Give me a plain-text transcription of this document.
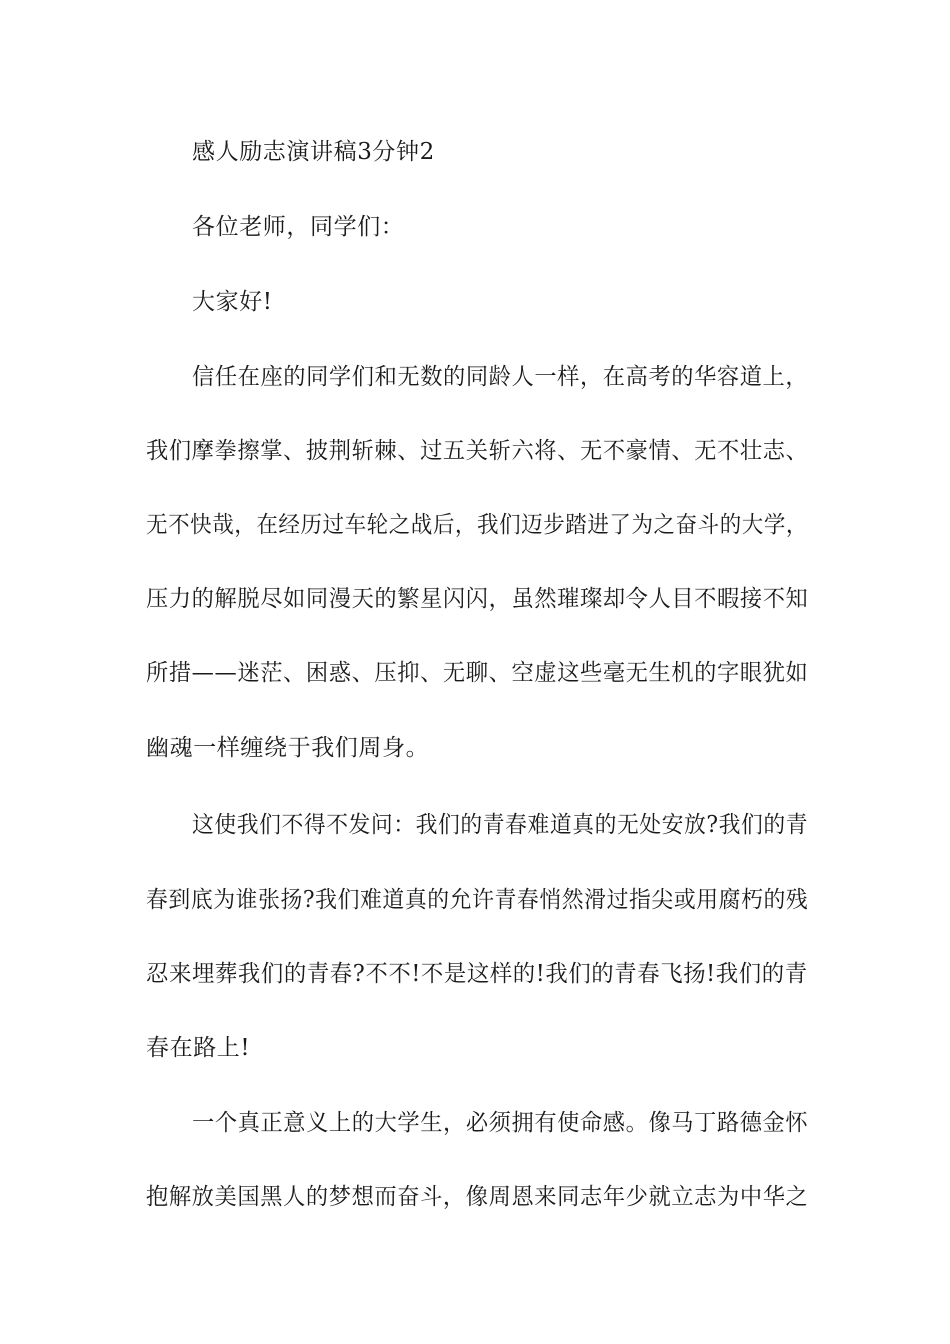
感人励志演讲稿3分钟2
各位老师，同学们：
大家好!
信任在座的同学们和无数的同龄人一样，在高考的华容道上，
我们摩拳擦掌、披荆斩棘、过五关斩六将、无不豪情、无不壮志、
无不快哉，在经历过车轮之战后，我们迈步踏进了为之奋斗的大学，
压力的解脱尽如同漫天的繁星闪闪，虽然璀璨却令人目不暇接不知
所措——迷茫、困惑、压抑、无聊、空虚这些毫无生机的字眼犹如
幽魂一样缠绕于我们周身。
这使我们不得不发问：我们的青春难道真的无处安放?我们的青
春到底为谁张扬?我们难道真的允许青春悄然滑过指尖或用腐朽的残
忍来埋葬我们的青春?不不!不是这样的!我们的青春飞扬!我们的青
春在路上!
一个真正意义上的大学生，必须拥有使命感。像马丁路德金怀
抱解放美国黑人的梦想而奋斗，像周恩来同志年少就立志为中华之
